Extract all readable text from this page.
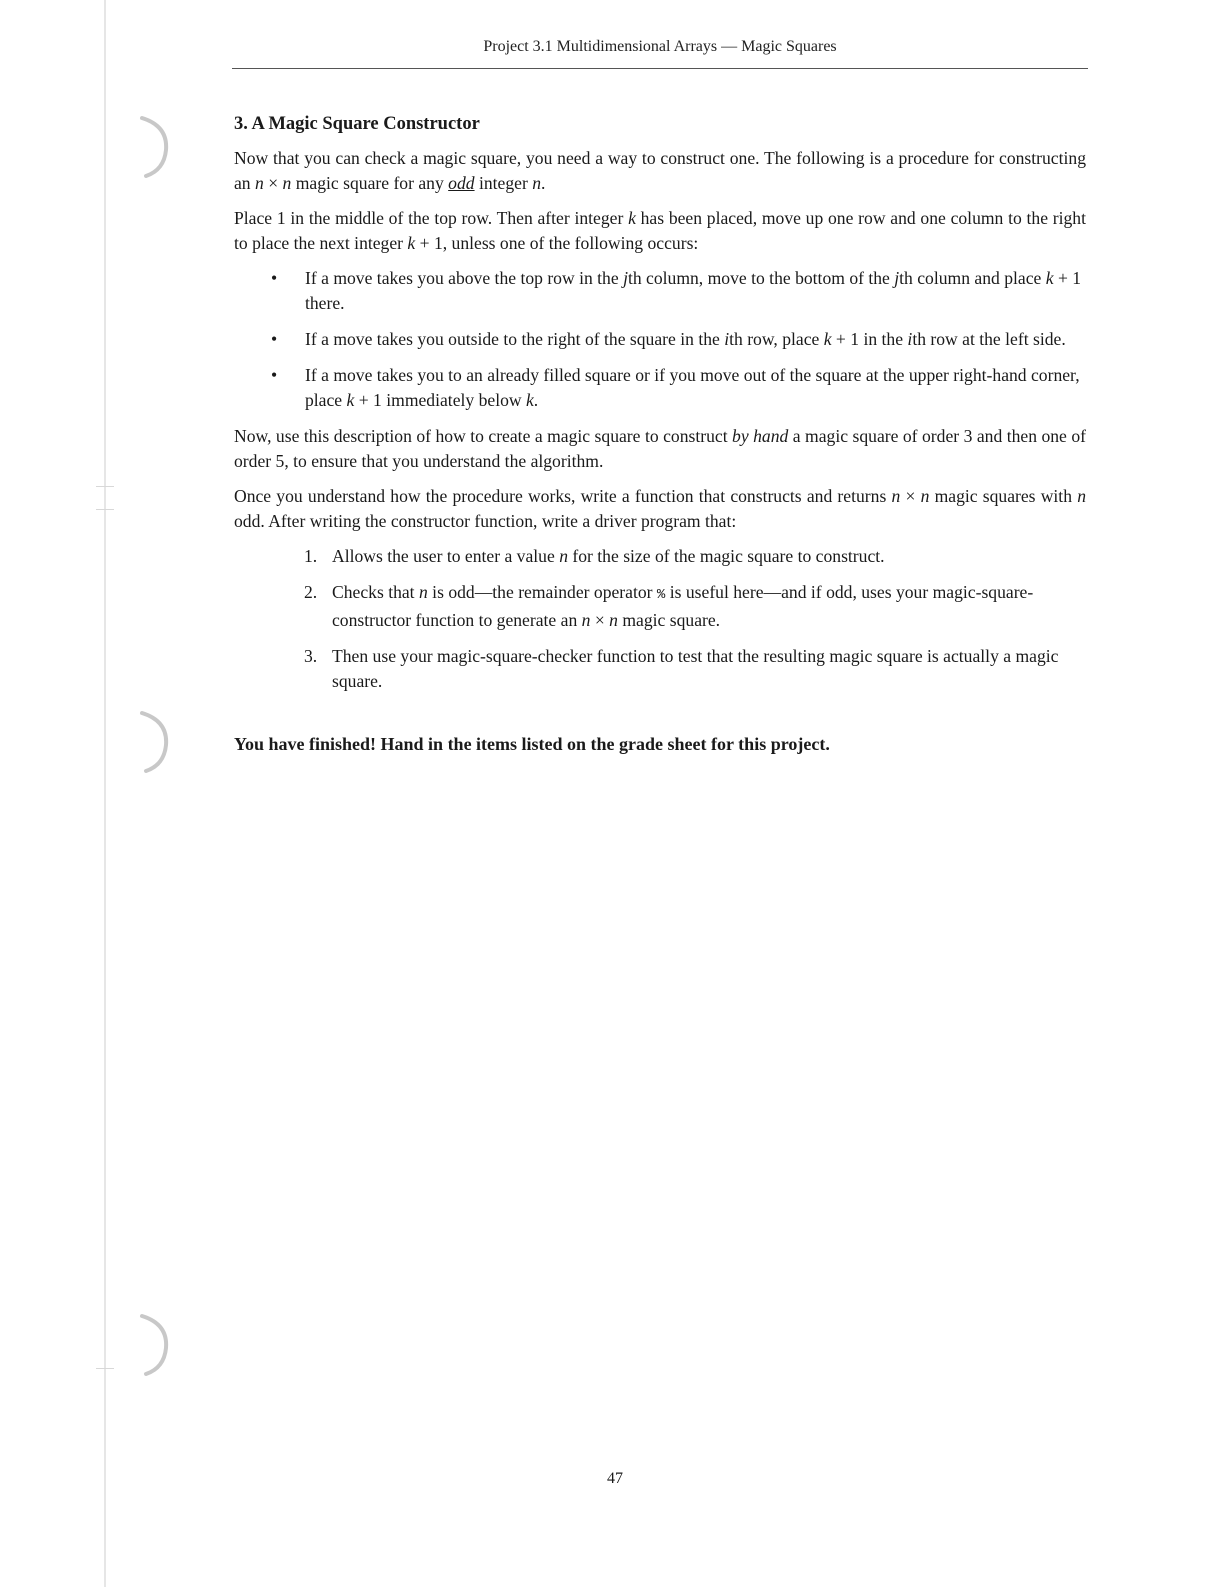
Project 3.1 Multidimensional Arrays — Magic Squares
3. A Magic Square Constructor

Now that you can check a magic square, you need a way to construct one. The following is a procedure for constructing an n × n magic square for any odd integer n.

Place 1 in the middle of the top row. Then after integer k has been placed, move up one row and one column to the right to place the next integer k + 1, unless one of the following occurs:

• If a move takes you above the top row in the jth column, move to the bottom of the jth column and place k + 1 there.
• If a move takes you outside to the right of the square in the ith row, place k + 1 in the ith row at the left side.
• If a move takes you to an already filled square or if you move out of the square at the upper right-hand corner, place k + 1 immediately below k.

Now, use this description of how to create a magic square to construct by hand a magic square of order 3 and then one of order 5, to ensure that you understand the algorithm.

Once you understand how the procedure works, write a function that constructs and returns n × n magic squares with n odd. After writing the constructor function, write a driver program that:

1. Allows the user to enter a value n for the size of the magic square to construct.
2. Checks that n is odd—the remainder operator % is useful here—and if odd, uses your magic-square-constructor function to generate an n × n magic square.
3. Then use your magic-square-checker function to test that the resulting magic square is actually a magic square.

You have finished! Hand in the items listed on the grade sheet for this project.

47
